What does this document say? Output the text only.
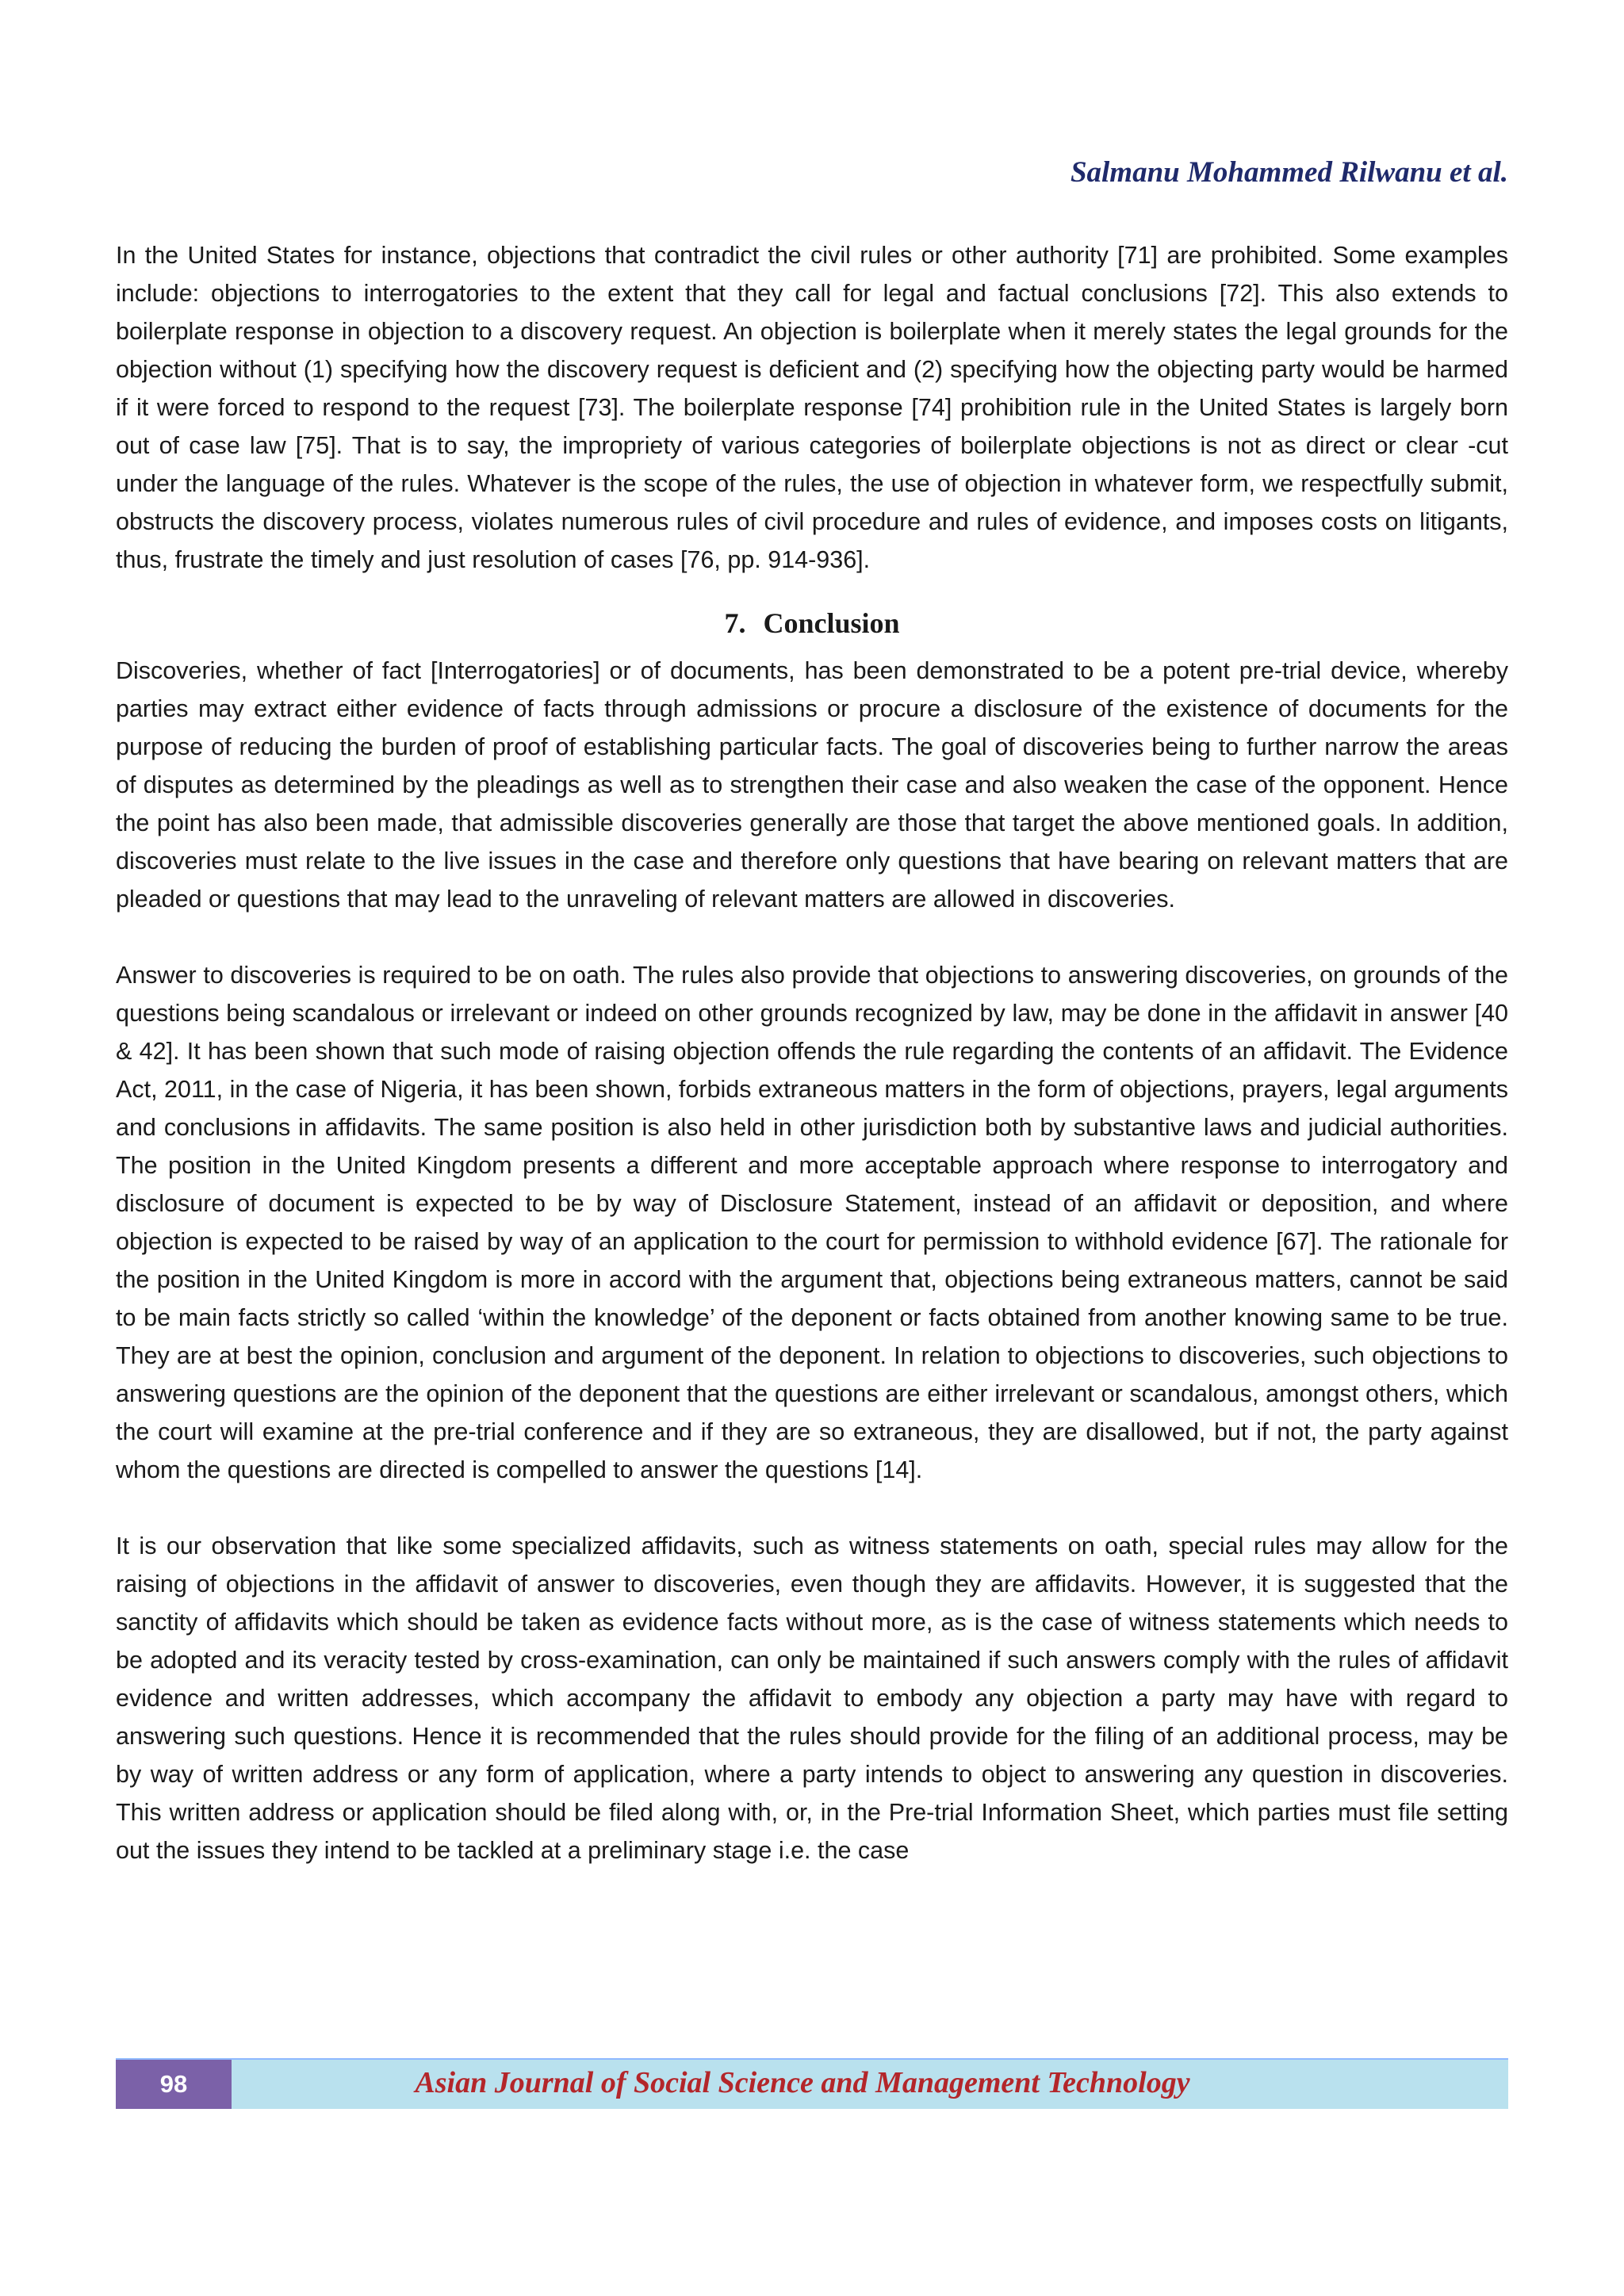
Salmanu Mohammed Rilwanu et al.

In the United States for instance, objections that contradict the civil rules or other authority [71] are prohibited. Some examples include: objections to interrogatories to the extent that they call for legal and factual conclusions [72]. This also extends to boilerplate response in objection to a discovery request. An objection is boilerplate when it merely states the legal grounds for the objection without (1) specifying how the discovery request is deficient and (2) specifying how the objecting party would be harmed if it were forced to respond to the request [73]. The boilerplate response [74] prohibition rule in the United States is largely born out of case law [75]. That is to say, the impropriety of various categories of boilerplate objections is not as direct or clear -cut under the language of the rules. Whatever is the scope of the rules, the use of objection in whatever form, we respectfully submit, obstructs the discovery process, violates numerous rules of civil procedure and rules of evidence, and imposes costs on litigants, thus, frustrate the timely and just resolution of cases [76, pp. 914-936].

7. Conclusion

Discoveries, whether of fact [Interrogatories] or of documents, has been demonstrated to be a potent pre-trial device, whereby parties may extract either evidence of facts through admissions or procure a disclosure of the existence of documents for the purpose of reducing the burden of proof of establishing particular facts. The goal of discoveries being to further narrow the areas of disputes as determined by the pleadings as well as to strengthen their case and also weaken the case of the opponent. Hence the point has also been made, that admissible discoveries generally are those that target the above mentioned goals. In addition, discoveries must relate to the live issues in the case and therefore only questions that have bearing on relevant matters that are pleaded or questions that may lead to the unraveling of relevant matters are allowed in discoveries.

Answer to discoveries is required to be on oath. The rules also provide that objections to answering discoveries, on grounds of the questions being scandalous or irrelevant or indeed on other grounds recognized by law, may be done in the affidavit in answer [40 & 42]. It has been shown that such mode of raising objection offends the rule regarding the contents of an affidavit. The Evidence Act, 2011, in the case of Nigeria, it has been shown, forbids extraneous matters in the form of objections, prayers, legal arguments and conclusions in affidavits. The same position is also held in other jurisdiction both by substantive laws and judicial authorities. The position in the United Kingdom presents a different and more acceptable approach where response to interrogatory and disclosure of document is expected to be by way of Disclosure Statement, instead of an affidavit or deposition, and where objection is expected to be raised by way of an application to the court for permission to withhold evidence [67]. The rationale for the position in the United Kingdom is more in accord with the argument that, objections being extraneous matters, cannot be said to be main facts strictly so called ‘within the knowledge’ of the deponent or facts obtained from another knowing same to be true. They are at best the opinion, conclusion and argument of the deponent. In relation to objections to discoveries, such objections to answering questions are the opinion of the deponent that the questions are either irrelevant or scandalous, amongst others, which the court will examine at the pre-trial conference and if they are so extraneous, they are disallowed, but if not, the party against whom the questions are directed is compelled to answer the questions [14].

It is our observation that like some specialized affidavits, such as witness statements on oath, special rules may allow for the raising of objections in the affidavit of answer to discoveries, even though they are affidavits. However, it is suggested that the sanctity of affidavits which should be taken as evidence facts without more, as is the case of witness statements which needs to be adopted and its veracity tested by cross-examination, can only be maintained if such answers comply with the rules of affidavit evidence and written addresses, which accompany the affidavit to embody any objection a party may have with regard to answering such questions. Hence it is recommended that the rules should provide for the filing of an additional process, may be by way of written address or any form of application, where a party intends to object to answering any question in discoveries. This written address or application should be filed along with, or, in the Pre-trial Information Sheet, which parties must file setting out the issues they intend to be tackled at a preliminary stage i.e. the case

98	Asian Journal of Social Science and Management Technology
